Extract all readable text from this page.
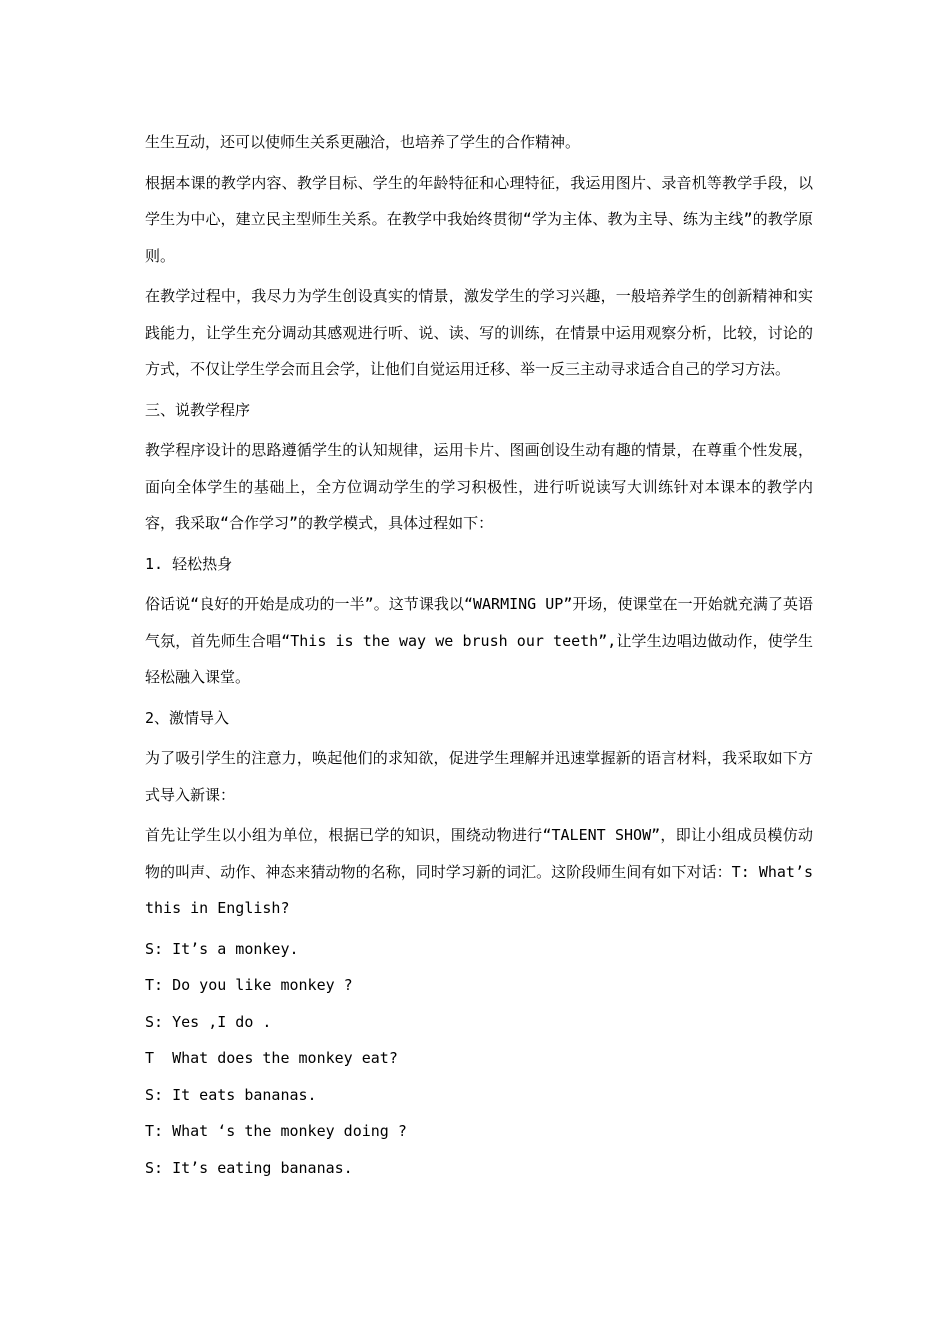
生生互动，还可以使师生关系更融洽，也培养了学生的合作精神。

根据本课的教学内容、教学目标、学生的年龄特征和心理特征，我运用图片、录音机等教学手段，以学生为中心，建立民主型师生关系。在教学中我始终贯彻“学为主体、教为主导、练为主线”的教学原则。

在教学过程中，我尽力为学生创设真实的情景，激发学生的学习兴趣，一般培养学生的创新精神和实践能力，让学生充分调动其感观进行听、说、读、写的训练，在情景中运用观察分析，比较，讨论的方式，不仅让学生学会而且会学，让他们自觉运用迁移、举一反三主动寻求适合自己的学习方法。

三、说教学程序

教学程序设计的思路遵循学生的认知规律，运用卡片、图画创设生动有趣的情景，在尊重个性发展，面向全体学生的基础上，全方位调动学生的学习积极性，进行听说读写大训练针对本课本的教学内容，我采取“合作学习”的教学模式，具体过程如下：

1. 轻松热身

俗话说“良好的开始是成功的一半”。这节课我以“WARMING UP”开场，使课堂在一开始就充满了英语气氛，首先师生合唱“This is the way we brush our teeth”,让学生边唱边做动作，使学生轻松融入课堂。

2、激情导入

为了吸引学生的注意力，唤起他们的求知欲，促进学生理解并迅速掌握新的语言材料，我采取如下方式导入新课：

首先让学生以小组为单位，根据已学的知识，围绕动物进行“TALENT SHOW”，即让小组成员模仿动物的叫声、动作、神态来猜动物的名称，同时学习新的词汇。这阶段师生间有如下对话：T: What’s this in English?

S: It’s a monkey.
T: Do you like monkey ?
S: Yes ,I do .
T  What does the monkey eat?
S: It eats bananas.
T: What ‘s the monkey doing ?
S: It’s eating bananas.
